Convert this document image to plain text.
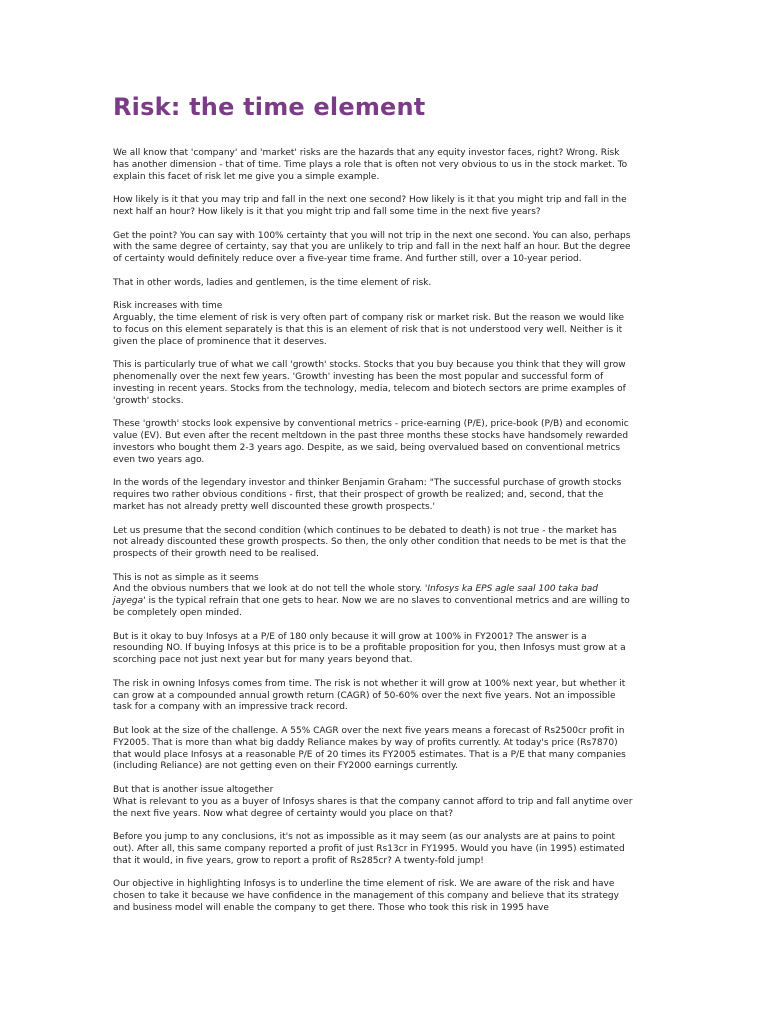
Risk: the time element

We all know that 'company' and 'market' risks are the hazards that any equity investor faces, right? Wrong. Risk has another dimension - that of time. Time plays a role that is often not very obvious to us in the stock market. To explain this facet of risk let me give you a simple example.

How likely is it that you may trip and fall in the next one second? How likely is it that you might trip and fall in the next half an hour? How likely is it that you might trip and fall some time in the next five years?

Get the point? You can say with 100% certainty that you will not trip in the next one second. You can also, perhaps with the same degree of certainty, say that you are unlikely to trip and fall in the next half an hour. But the degree of certainty would definitely reduce over a five-year time frame. And further still, over a 10-year period.

That in other words, ladies and gentlemen, is the time element of risk.

Risk increases with time
Arguably, the time element of risk is very often part of company risk or market risk. But the reason we would like to focus on this element separately is that this is an element of risk that is not understood very well. Neither is it given the place of prominence that it deserves.

This is particularly true of what we call 'growth' stocks. Stocks that you buy because you think that they will grow phenomenally over the next few years. 'Growth' investing has been the most popular and successful form of investing in recent years. Stocks from the technology, media, telecom and biotech sectors are prime examples of 'growth' stocks.

These 'growth' stocks look expensive by conventional metrics - price-earning (P/E), price-book (P/B) and economic value (EV). But even after the recent meltdown in the past three months these stocks have handsomely rewarded investors who bought them 2-3 years ago. Despite, as we said, being overvalued based on conventional metrics even two years ago.

In the words of the legendary investor and thinker Benjamin Graham: "The successful purchase of growth stocks requires two rather obvious conditions - first, that their prospect of growth be realized; and, second, that the market has not already pretty well discounted these growth prospects.'

Let us presume that the second condition (which continues to be debated to death) is not true - the market has not already discounted these growth prospects. So then, the only other condition that needs to be met is that the prospects of their growth need to be realised.

This is not as simple as it seems
And the obvious numbers that we look at do not tell the whole story. 'Infosys ka EPS agle saal 100 taka bad jayega' is the typical refrain that one gets to hear. Now we are no slaves to conventional metrics and are willing to be completely open minded.

But is it okay to buy Infosys at a P/E of 180 only because it will grow at 100% in FY2001? The answer is a resounding NO. If buying Infosys at this price is to be a profitable proposition for you, then Infosys must grow at a scorching pace not just next year but for many years beyond that.

The risk in owning Infosys comes from time. The risk is not whether it will grow at 100% next year, but whether it can grow at a compounded annual growth return (CAGR) of 50-60% over the next five years. Not an impossible task for a company with an impressive track record.

But look at the size of the challenge. A 55% CAGR over the next five years means a forecast of Rs2500cr profit in FY2005. That is more than what big daddy Reliance makes by way of profits currently. At today's price (Rs7870) that would place Infosys at a reasonable P/E of 20 times its FY2005 estimates. That is a P/E that many companies (including Reliance) are not getting even on their FY2000 earnings currently.

But that is another issue altogether
What is relevant to you as a buyer of Infosys shares is that the company cannot afford to trip and fall anytime over the next five years. Now what degree of certainty would you place on that?

Before you jump to any conclusions, it's not as impossible as it may seem (as our analysts are at pains to point out). After all, this same company reported a profit of just Rs13cr in FY1995. Would you have (in 1995) estimated that it would, in five years, grow to report a profit of Rs285cr? A twenty-fold jump!

Our objective in highlighting Infosys is to underline the time element of risk. We are aware of the risk and have chosen to take it because we have confidence in the management of this company and believe that its strategy and business model will enable the company to get there. Those who took this risk in 1995 have
